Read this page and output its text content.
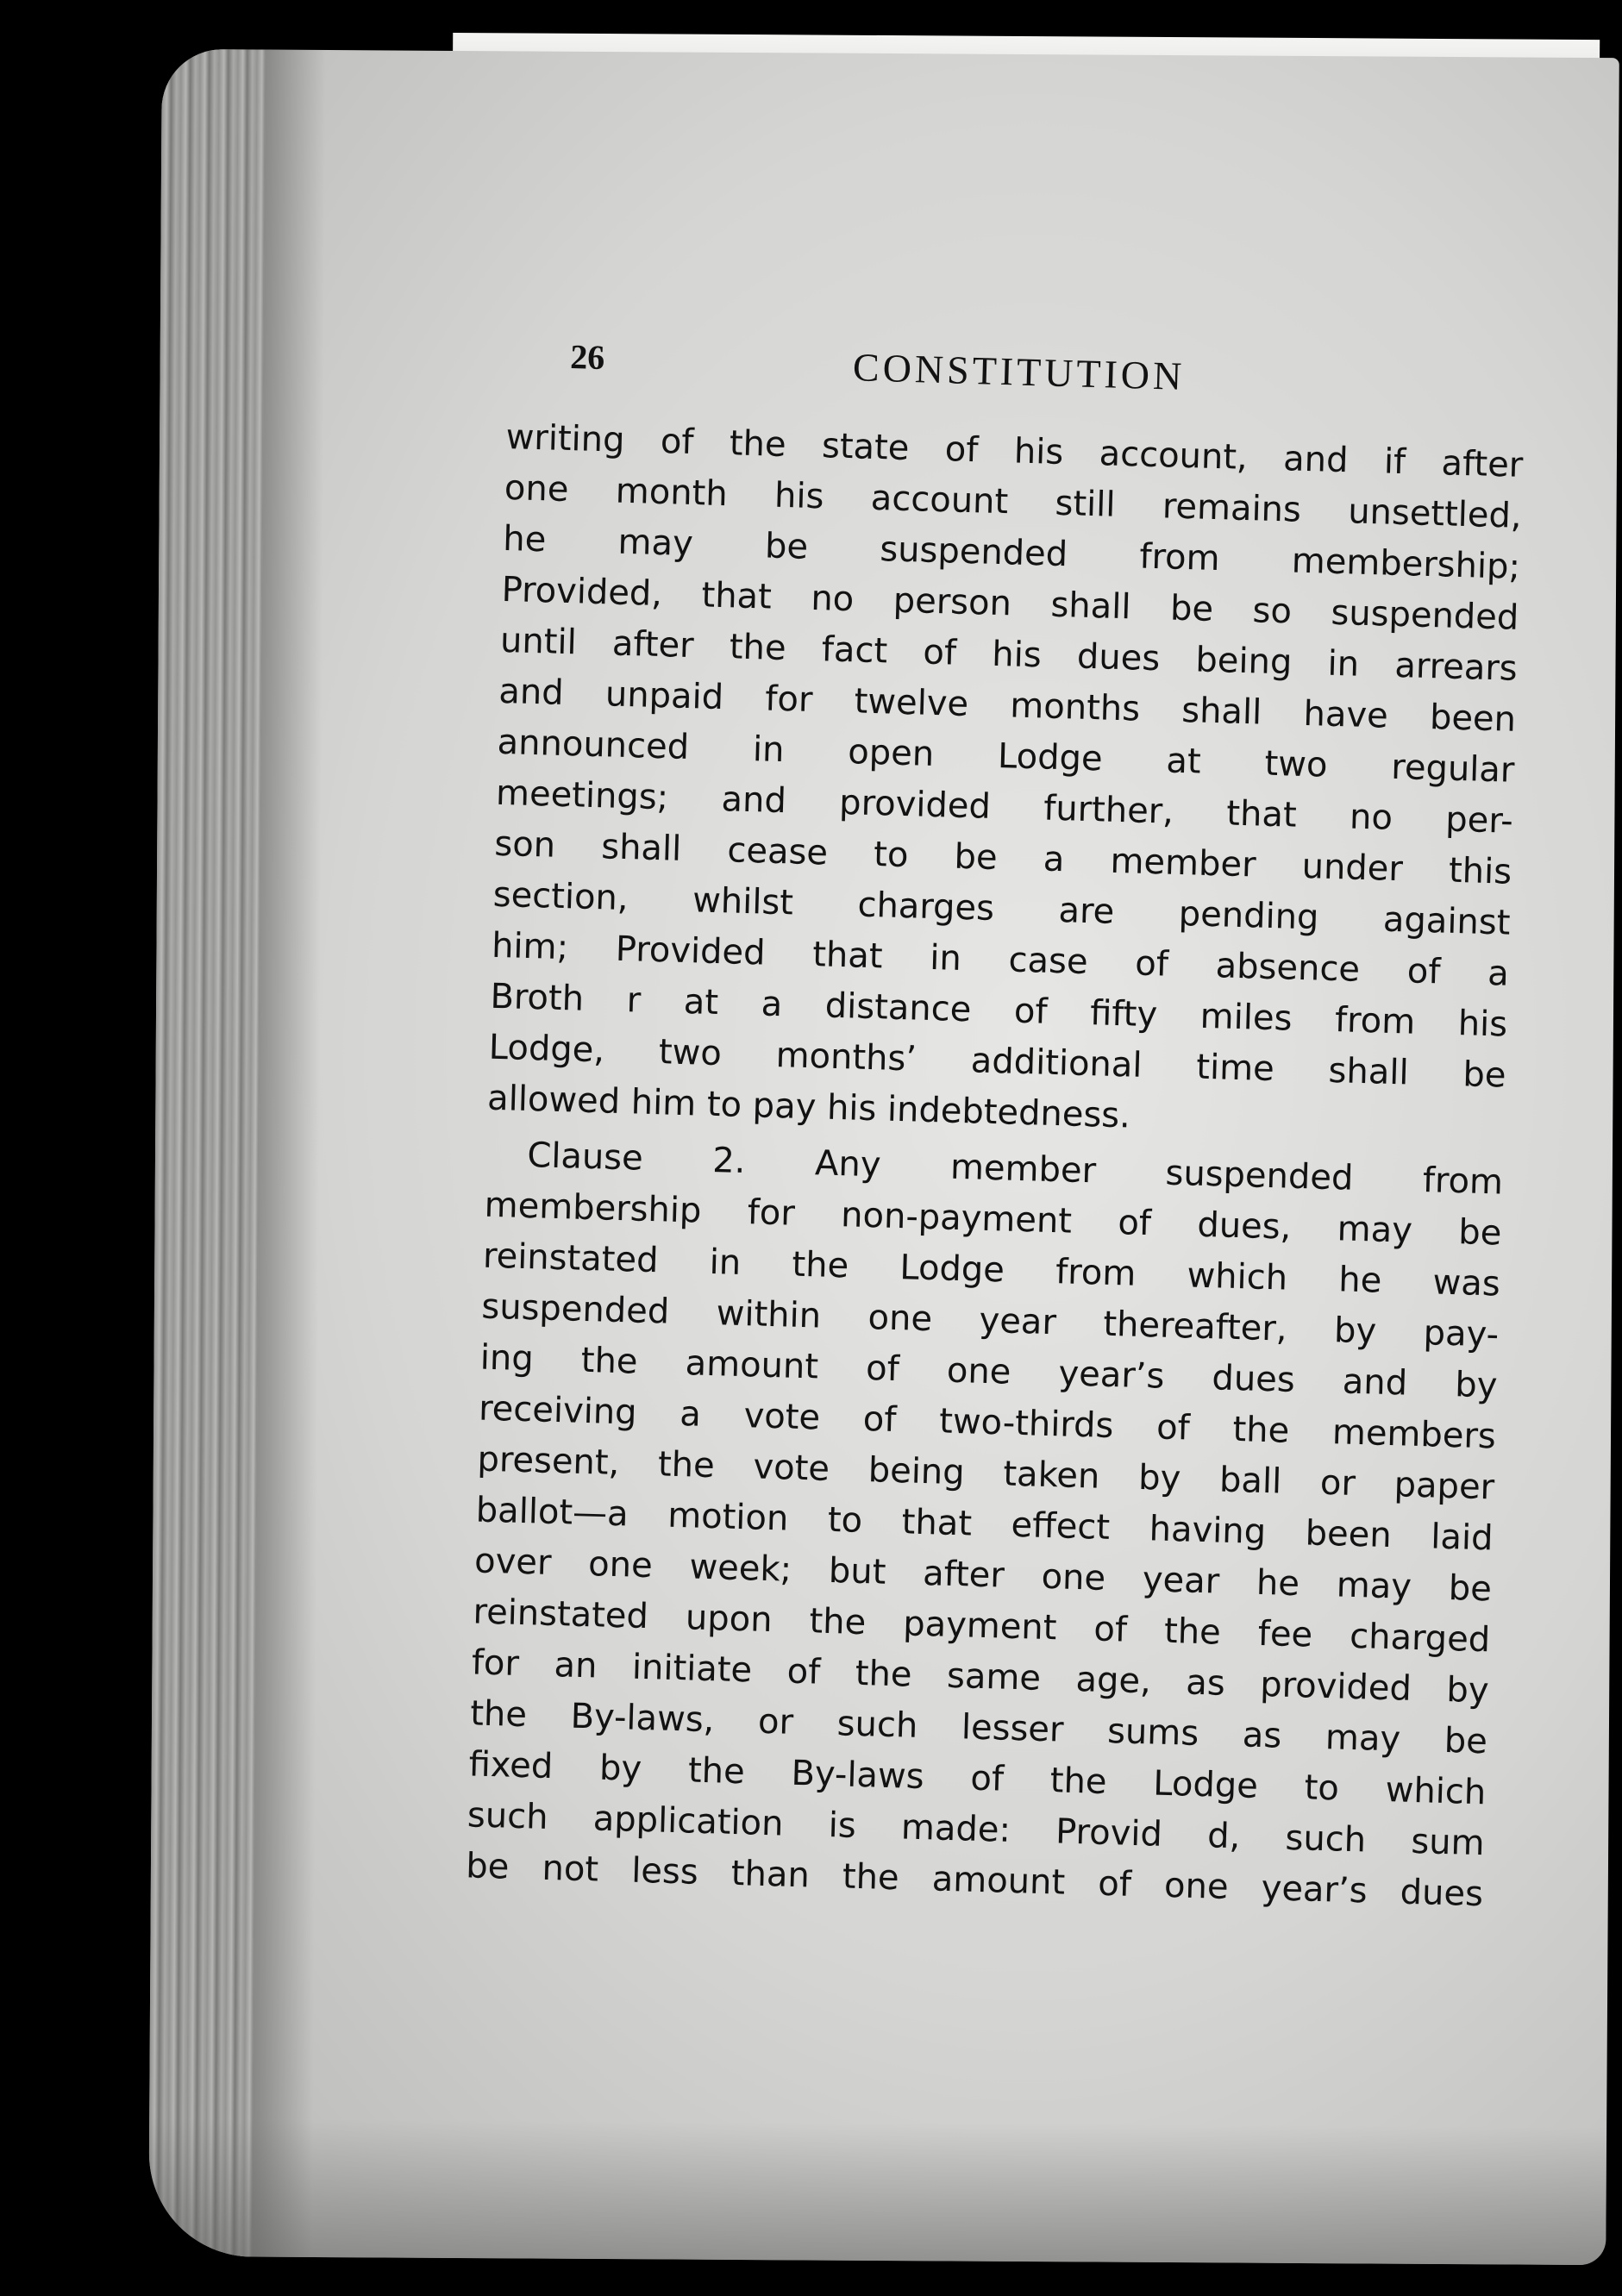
26	CONSTITUTION

writing of the state of his account, and if after
one month his account still remains unsettled,
he may be suspended from membership;
Provided, that no person shall be so suspended
until after the fact of his dues being in arrears
and unpaid for twelve months shall have been
announced in open Lodge at two regular
meetings; and provided further, that no per-
son shall cease to be a member under this
section, whilst charges are pending against
him; Provided that in case of absence of a
Broth r at a distance of fifty miles from his
Lodge, two months’ additional time shall be
allowed him to pay his indebtedness.

Clause 2. Any member suspended from
membership for non-payment of dues, may be
reinstated in the Lodge from which he was
suspended within one year thereafter, by pay-
ing the amount of one year’s dues and by
receiving a vote of two-thirds of the members
present, the vote being taken by ball or paper
ballot—a motion to that effect having been laid
over one week; but after one year he may be
reinstated upon the payment of the fee charged
for an initiate of the same age, as provided by
the By-laws, or such lesser sums as may be
fixed by the By-laws of the Lodge to which
such application is made: Provid d, such sum
be not less than the amount of one year’s dues
